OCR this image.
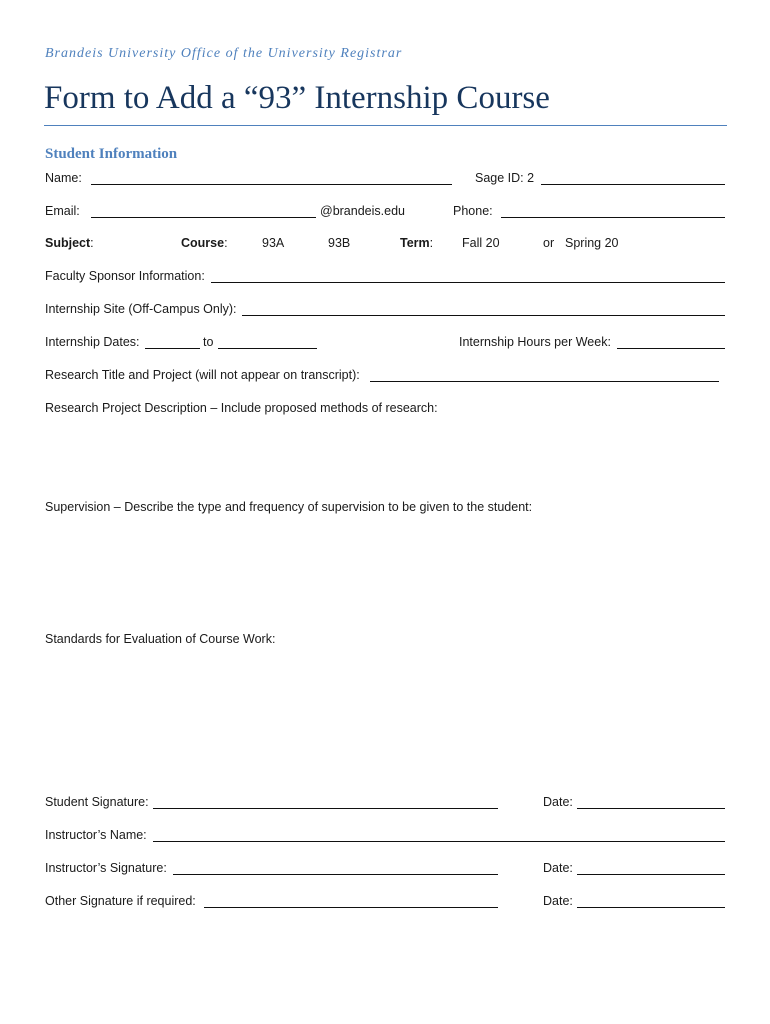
Brandeis University Office of the University Registrar
Form to Add a “93” Internship Course
Student Information
Name:	Sage ID: 2
Email:	@brandeis.edu	Phone:
Subject:	Course:	93A	93B	Term: Fall 20	or Spring 20
Faculty Sponsor Information:
Internship Site (Off-Campus Only):
Internship Dates:	to	Internship Hours per Week:
Research Title and Project (will not appear on transcript):
Research Project Description – Include proposed methods of research:
Supervision – Describe the type and frequency of supervision to be given to the student:
Standards for Evaluation of Course Work:
Student Signature:	Date:
Instructor’s Name:
Instructor’s Signature:	Date:
Other Signature if required:	Date:
